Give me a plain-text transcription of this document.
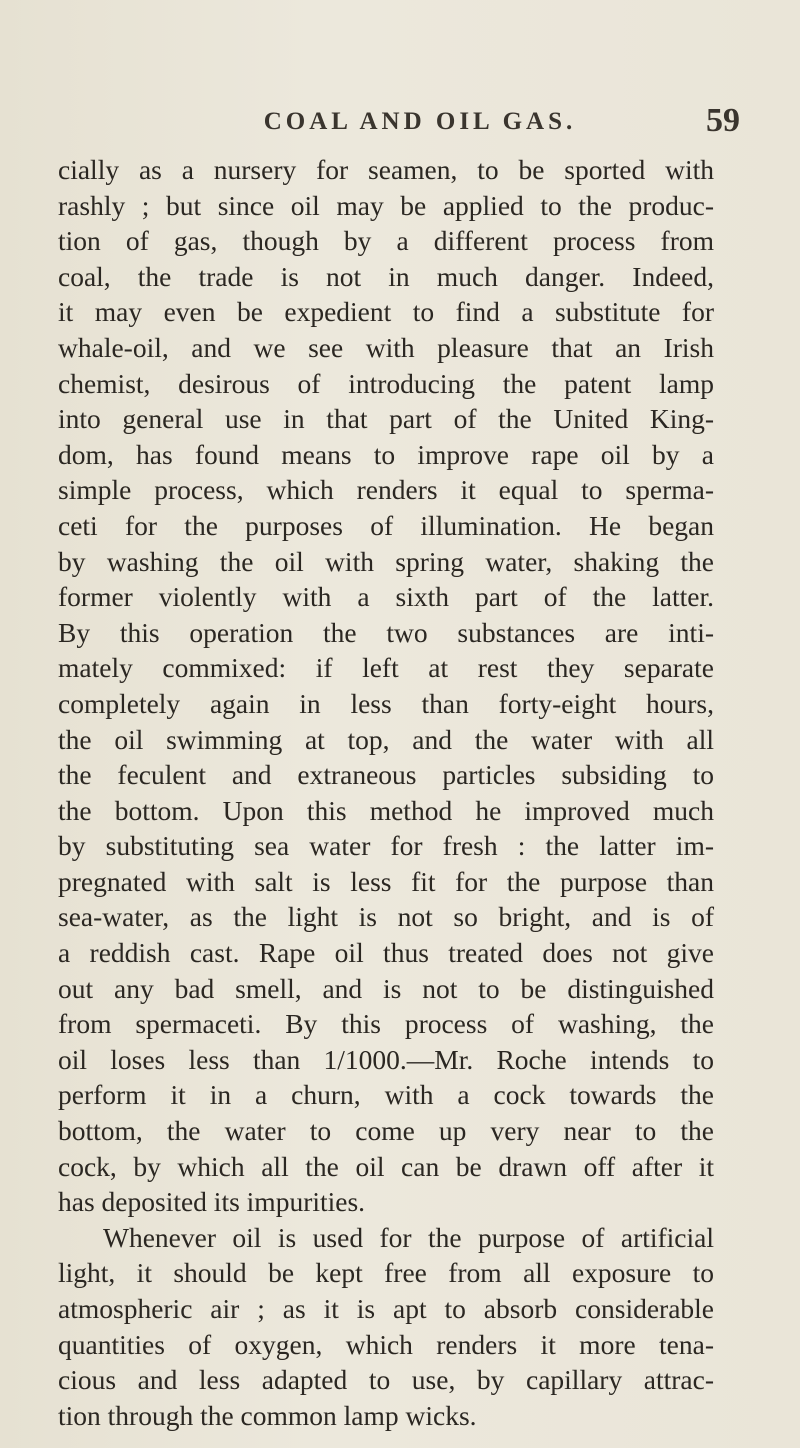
COAL AND OIL GAS.	59
cially as a nursery for seamen, to be sported with
rashly ; but since oil may be applied to the produc-
tion of gas, though by a different process from
coal, the trade is not in much danger. Indeed,
it may even be expedient to find a substitute for
whale-oil, and we see with pleasure that an Irish
chemist, desirous of introducing the patent lamp
into general use in that part of the United King-
dom, has found means to improve rape oil by a
simple process, which renders it equal to sperma-
ceti for the purposes of illumination. He began
by washing the oil with spring water, shaking the
former violently with a sixth part of the latter.
By this operation the two substances are inti-
mately commixed: if left at rest they separate
completely again in less than forty-eight hours,
the oil swimming at top, and the water with all
the feculent and extraneous particles subsiding to
the bottom. Upon this method he improved much
by substituting sea water for fresh : the latter im-
pregnated with salt is less fit for the purpose than
sea-water, as the light is not so bright, and is of
a reddish cast. Rape oil thus treated does not give
out any bad smell, and is not to be distinguished
from spermaceti. By this process of washing, the
oil loses less than 1/1000.—Mr. Roche intends to
perform it in a churn, with a cock towards the
bottom, the water to come up very near to the
cock, by which all the oil can be drawn off after it
has deposited its impurities.
Whenever oil is used for the purpose of artificial
light, it should be kept free from all exposure to
atmospheric air ; as it is apt to absorb considerable
quantities of oxygen, which renders it more tena-
cious and less adapted to use, by capillary attrac-
tion through the common lamp wicks.
